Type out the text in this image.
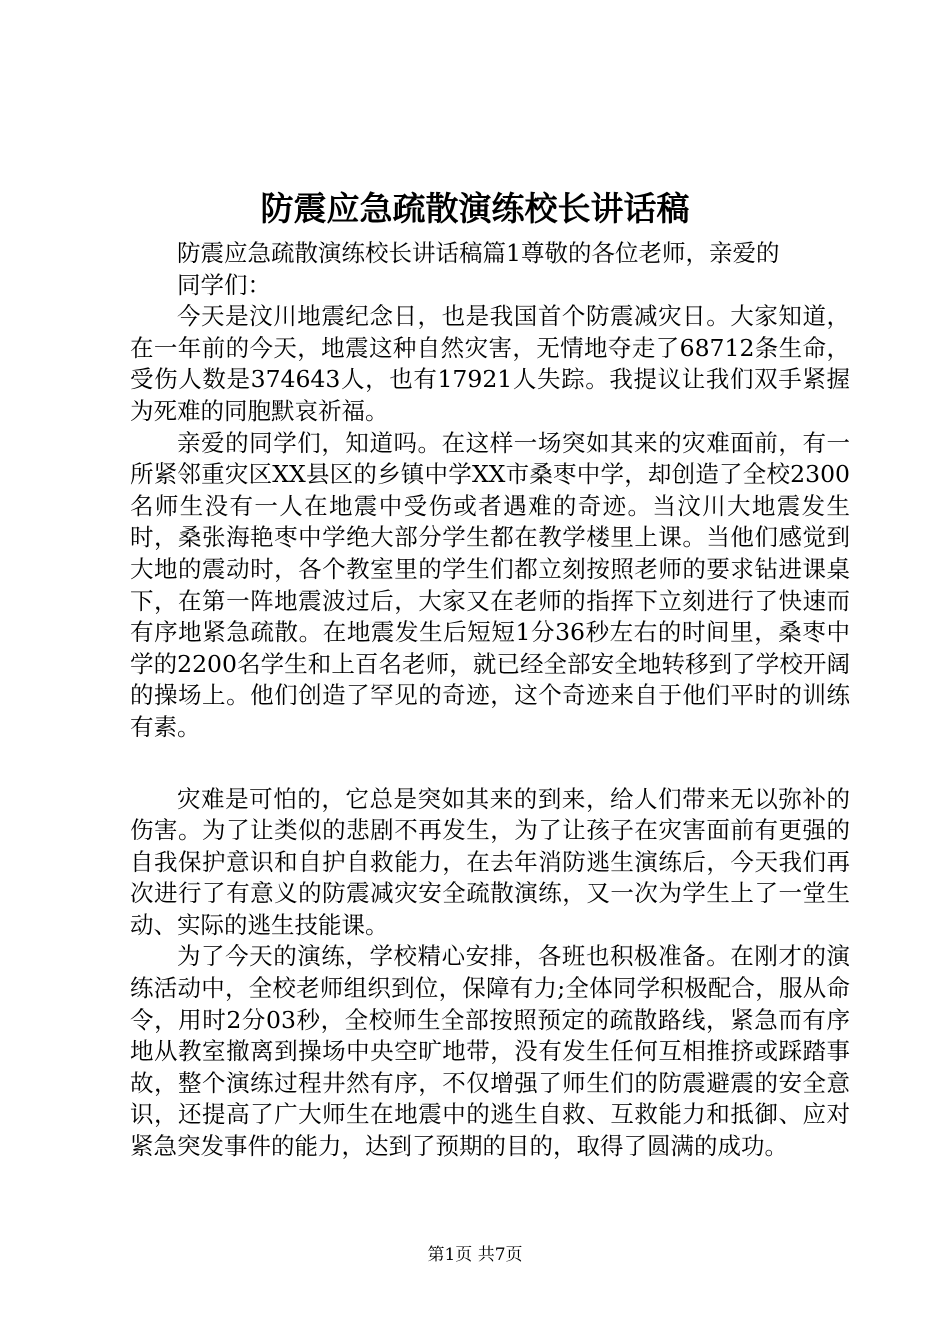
防震应急疏散演练校长讲话稿

防震应急疏散演练校长讲话稿篇1尊敬的各位老师，亲爱的

同学们：

今天是汶川地震纪念日，也是我国首个防震减灾日。大家知道，在一年前的今天，地震这种自然灾害，无情地夺走了68712条生命，受伤人数是374643人，也有17921人失踪。我提议让我们双手紧握为死难的同胞默哀祈福。

亲爱的同学们，知道吗。在这样一场突如其来的灾难面前，有一所紧邻重灾区XX县区的乡镇中学XX市桑枣中学，却创造了全校2300名师生没有一人在地震中受伤或者遇难的奇迹。当汶川大地震发生时，桑张海艳枣中学绝大部分学生都在教学楼里上课。当他们感觉到大地的震动时，各个教室里的学生们都立刻按照老师的要求钻进课桌下，在第一阵地震波过后，大家又在老师的指挥下立刻进行了快速而有序地紧急疏散。在地震发生后短短1分36秒左右的时间里，桑枣中学的2200名学生和上百名老师，就已经全部安全地转移到了学校开阔的操场上。他们创造了罕见的奇迹，这个奇迹来自于他们平时的训练有素。

灾难是可怕的，它总是突如其来的到来，给人们带来无以弥补的伤害。为了让类似的悲剧不再发生，为了让孩子在灾害面前有更强的自我保护意识和自护自救能力，在去年消防逃生演练后，今天我们再次进行了有意义的防震减灾安全疏散演练，又一次为学生上了一堂生动、实际的逃生技能课。

为了今天的演练，学校精心安排，各班也积极准备。在刚才的演练活动中，全校老师组织到位，保障有力;全体同学积极配合，服从命令，用时2分03秒，全校师生全部按照预定的疏散路线，紧急而有序地从教室撤离到操场中央空旷地带，没有发生任何互相推挤或踩踏事故，整个演练过程井然有序，不仅增强了师生们的防震避震的安全意识，还提高了广大师生在地震中的逃生自救、互救能力和抵御、应对紧急突发事件的能力，达到了预期的目的，取得了圆满的成功。

第1页 共7页
